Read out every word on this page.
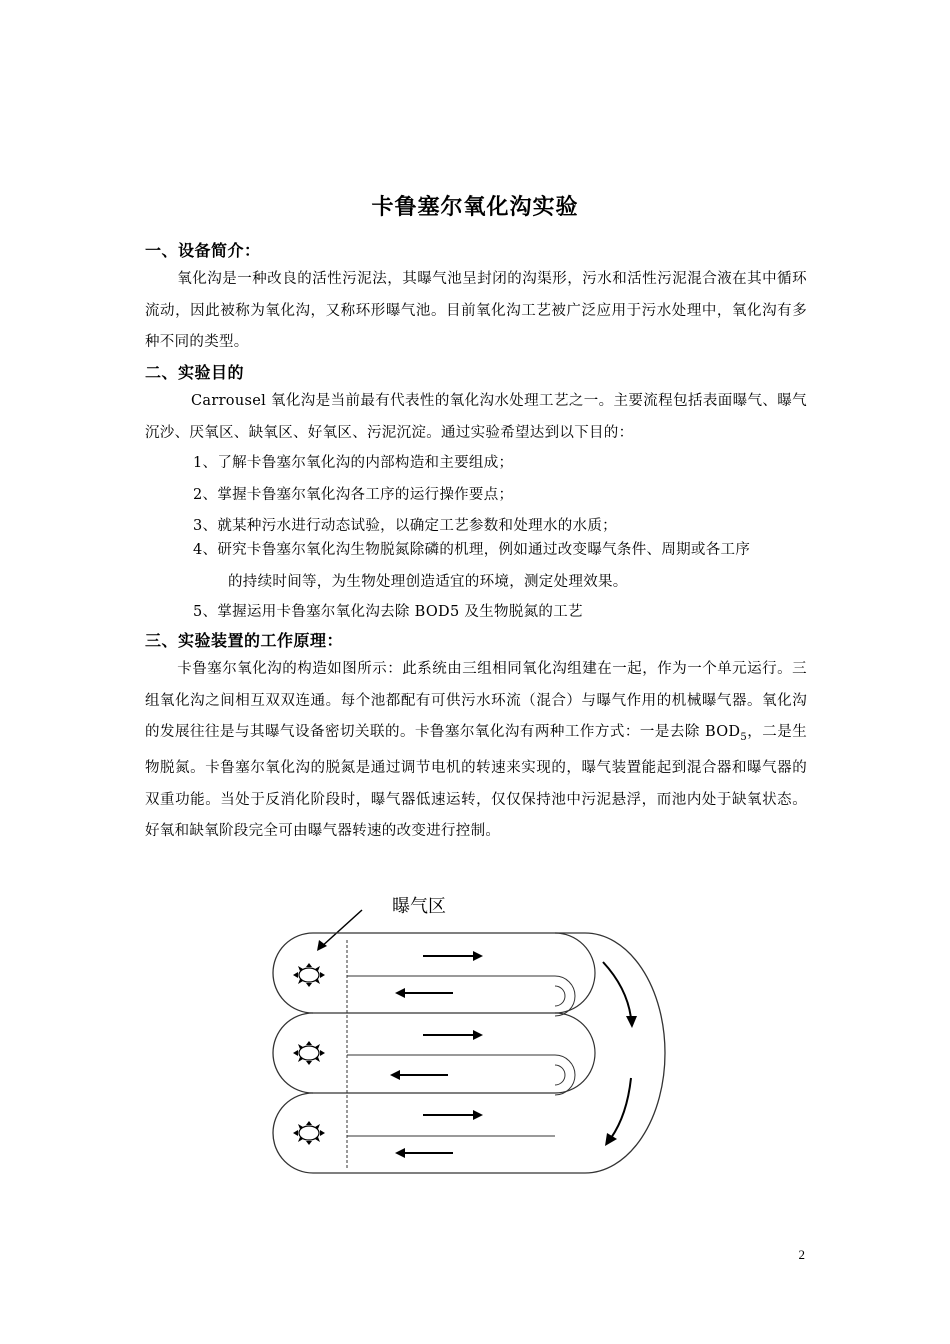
卡鲁塞尔氧化沟实验
一、设备简介：
氧化沟是一种改良的活性污泥法，其曝气池呈封闭的沟渠形，污水和活性污泥混合液在其中循环流动，因此被称为氧化沟，又称环形曝气池。目前氧化沟工艺被广泛应用于污水处理中，氧化沟有多种不同的类型。
二、实验目的
Carrousel 氧化沟是当前最有代表性的氧化沟水处理工艺之一。主要流程包括表面曝气、曝气沉沙、厌氧区、缺氧区、好氧区、污泥沉淀。通过实验希望达到以下目的：
1、了解卡鲁塞尔氧化沟的内部构造和主要组成；
2、掌握卡鲁塞尔氧化沟各工序的运行操作要点；
3、就某种污水进行动态试验，以确定工艺参数和处理水的水质；
4、研究卡鲁塞尔氧化沟生物脱氮除磷的机理，例如通过改变曝气条件、周期或各工序
的持续时间等，为生物处理创造适宜的环境，测定处理效果。
5、掌握运用卡鲁塞尔氧化沟去除 BOD5 及生物脱氮的工艺
三、实验装置的工作原理：
卡鲁塞尔氧化沟的构造如图所示：此系统由三组相同氧化沟组建在一起，作为一个单元运行。三组氧化沟之间相互双双连通。每个池都配有可供污水环流（混合）与曝气作用的机械曝气器。氧化沟的发展往往是与其曝气设备密切关联的。卡鲁塞尔氧化沟有两种工作方式：一是去除 $BOD_5$，二是生物脱氮。卡鲁塞尔氧化沟的脱氮是通过调节电机的转速来实现的，曝气装置能起到混合器和曝气器的双重功能。当处于反消化阶段时，曝气器低速运转，仅仅保持池中污泥悬浮，而池内处于缺氧状态。好氧和缺氧阶段完全可由曝气器转速的改变进行控制。
曝气区
2
